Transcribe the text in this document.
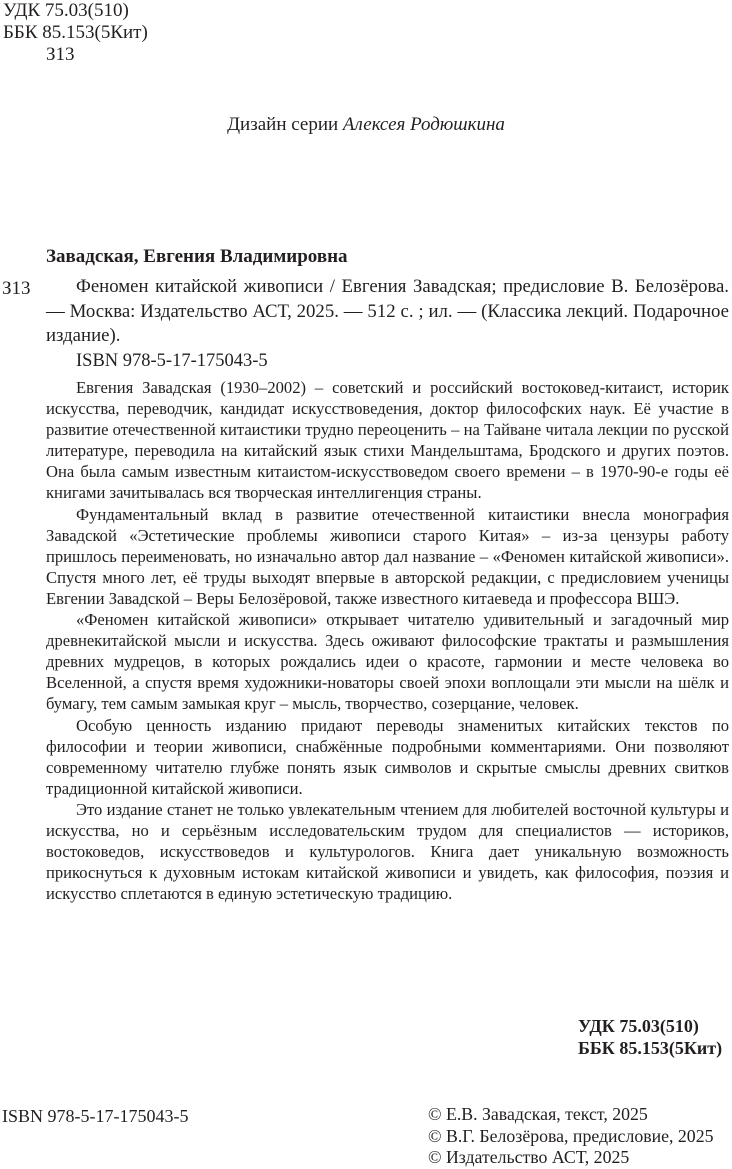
УДК 75.03(510)
ББК 85.153(5Кит)
З13
Дизайн серии Алексея Родюшкина
Завадская, Евгения Владимировна
З13	Феномен китайской живописи / Евгения Завадская; предисловие В. Белозёрова. — Москва: Издательство АСТ, 2025. — 512 с. ; ил. — (Классика лекций. Подарочное издание).
ISBN 978-5-17-175043-5

Евгения Завадская (1930–2002) – советский и российский востоковед-китаист, историк искусства, переводчик, кандидат искусствоведения, доктор философских наук. Её участие в развитие отечественной китаистики трудно переоценить – на Тайване читала лекции по русской литературе, переводила на китайский язык стихи Мандельштама, Бродского и других поэтов. Она была самым известным китаистом-искусствоведом своего времени – в 1970-90-е годы её книгами зачитывалась вся творческая интеллигенция страны.

Фундаментальный вклад в развитие отечественной китаистики внесла монография Завадской «Эстетические проблемы живописи старого Китая» – из-за цензуры работу пришлось переименовать, но изначально автор дал название – «Феномен китайской живописи». Спустя много лет, её труды выходят впервые в авторской редакции, с предисловием ученицы Евгении Завадской – Веры Белозёровой, также известного китаеведа и профессора ВШЭ.

«Феномен китайской живописи» открывает читателю удивительный и загадочный мир древнекитайской мысли и искусства. Здесь оживают философские трактаты и размышления древних мудрецов, в которых рождались идеи о красоте, гармонии и месте человека во Вселенной, а спустя время художники-новаторы своей эпохи воплощали эти мысли на шёлк и бумагу, тем самым замыкая круг – мысль, творчество, созерцание, человек.

Особую ценность изданию придают переводы знаменитых китайских текстов по философии и теории живописи, снабжённые подробными комментариями. Они позволяют современному читателю глубже понять язык символов и скрытые смыслы древних свитков традиционной китайской живописи.

Это издание станет не только увлекательным чтением для любителей восточной культуры и искусства, но и серьёзным исследовательским трудом для специалистов — историков, востоковедов, искусствоведов и культурологов. Книга дает уникальную возможность прикоснуться к духовным истокам китайской живописи и увидеть, как философия, поэзия и искусство сплетаются в единую эстетическую традицию.

УДК 75.03(510)
ББК 85.153(5Кит)
ISBN 978-5-17-175043-5	© Е.В. Завадская, текст, 2025
© В.Г. Белозёрова, предисловие, 2025
© Издательство АСТ, 2025
